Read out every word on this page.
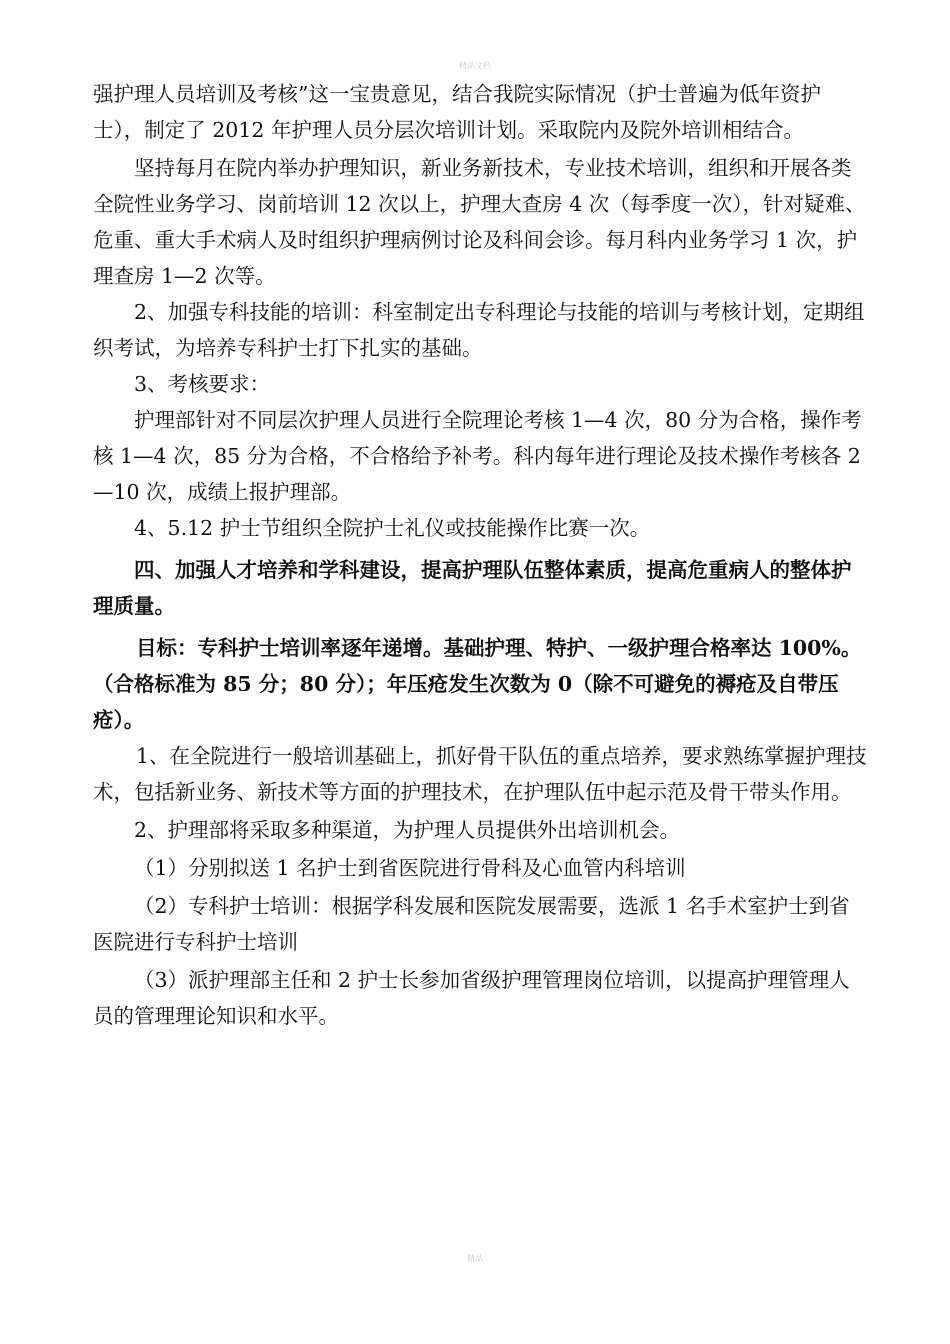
精品文档

强护理人员培训及考核”这一宝贵意见，结合我院实际情况（护士普遍为低年资护士），制定了 2012 年护理人员分层次培训计划。采取院内及院外培训相结合。

坚持每月在院内举办护理知识，新业务新技术，专业技术培训，组织和开展各类全院性业务学习、岗前培训 12 次以上，护理大查房 4 次（每季度一次），针对疑难、危重、重大手术病人及时组织护理病例讨论及科间会诊。每月科内业务学习 1 次，护理查房 1—2 次等。

2、加强专科技能的培训：科室制定出专科理论与技能的培训与考核计划，定期组织考试，为培养专科护士打下扎实的基础。

3、考核要求：

护理部针对不同层次护理人员进行全院理论考核 1—4 次，80 分为合格，操作考核 1—4 次，85 分为合格，不合格给予补考。科内每年进行理论及技术操作考核各 2—10 次，成绩上报护理部。

4、5.12 护士节组织全院护士礼仪或技能操作比赛一次。

四、加强人才培养和学科建设，提高护理队伍整体素质，提高危重病人的整体护理质量。

目标：专科护士培训率逐年递增。基础护理、特护、一级护理合格率达 100%。（合格标准为 85 分；80 分）；年压疮发生次数为 0（除不可避免的褥疮及自带压疮）。

1、在全院进行一般培训基础上，抓好骨干队伍的重点培养，要求熟练掌握护理技术，包括新业务、新技术等方面的护理技术，在护理队伍中起示范及骨干带头作用。

2、护理部将采取多种渠道，为护理人员提供外出培训机会。

（1）分别拟送 1 名护士到省医院进行骨科及心血管内科培训

（2）专科护士培训：根据学科发展和医院发展需要，选派 1 名手术室护士到省医院进行专科护士培训

（3）派护理部主任和 2 护士长参加省级护理管理岗位培训，以提高护理管理人员的管理理论知识和水平。

精品
